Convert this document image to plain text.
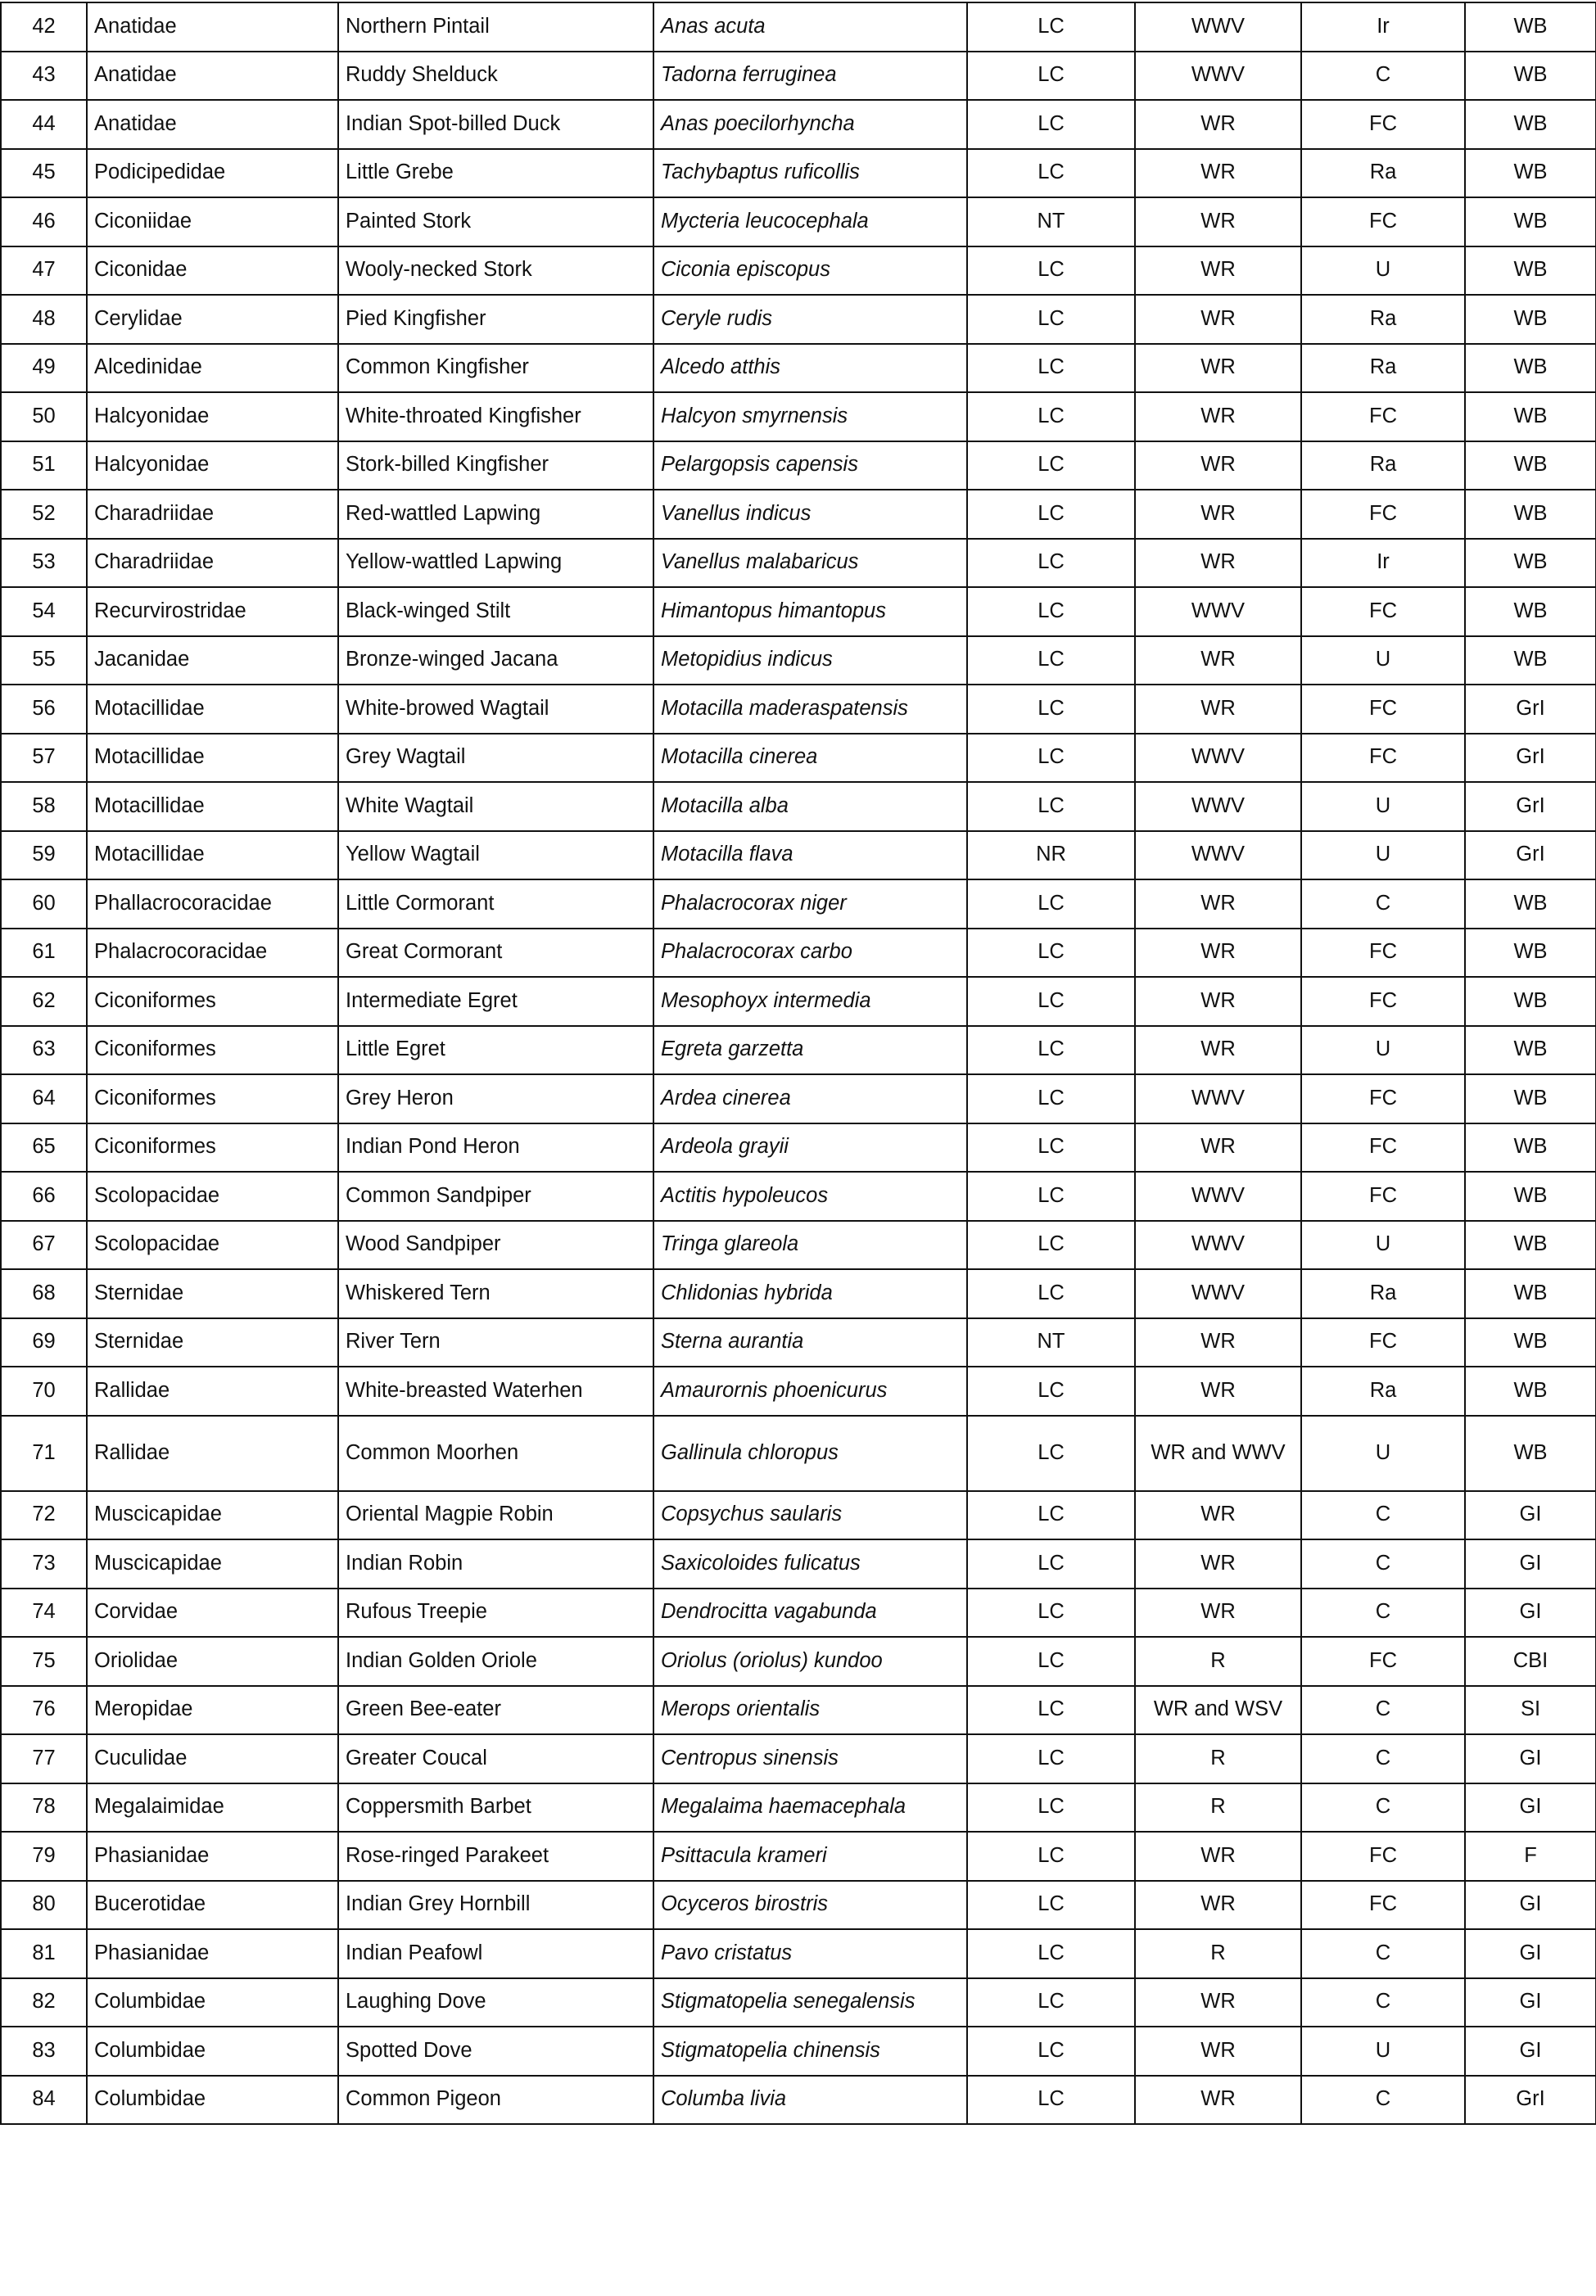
42	Anatidae	Northern Pintail	Anas acuta	LC	WWV	Ir	WB
43	Anatidae	Ruddy Shelduck	Tadorna ferruginea	LC	WWV	C	WB
44	Anatidae	Indian Spot-billed Duck	Anas poecilorhyncha	LC	WR	FC	WB
45	Podicipedidae	Little Grebe	Tachybaptus ruficollis	LC	WR	Ra	WB
46	Ciconiidae	Painted Stork	Mycteria leucocephala	NT	WR	FC	WB
47	Ciconidae	Wooly-necked Stork	Ciconia episcopus	LC	WR	U	WB
48	Cerylidae	Pied Kingfisher	Ceryle rudis	LC	WR	Ra	WB
49	Alcedinidae	Common Kingfisher	Alcedo atthis	LC	WR	Ra	WB
50	Halcyonidae	White-throated Kingfisher	Halcyon smyrnensis	LC	WR	FC	WB
51	Halcyonidae	Stork-billed Kingfisher	Pelargopsis capensis	LC	WR	Ra	WB
52	Charadriidae	Red-wattled Lapwing	Vanellus indicus	LC	WR	FC	WB
53	Charadriidae	Yellow-wattled Lapwing	Vanellus malabaricus	LC	WR	Ir	WB
54	Recurvirostridae	Black-winged Stilt	Himantopus himantopus	LC	WWV	FC	WB
55	Jacanidae	Bronze-winged Jacana	Metopidius indicus	LC	WR	U	WB
56	Motacillidae	White-browed Wagtail	Motacilla maderaspatensis	LC	WR	FC	GrI
57	Motacillidae	Grey Wagtail	Motacilla cinerea	LC	WWV	FC	GrI
58	Motacillidae	White Wagtail	Motacilla alba	LC	WWV	U	GrI
59	Motacillidae	Yellow Wagtail	Motacilla flava	NR	WWV	U	GrI
60	Phallacrocoracidae	Little Cormorant	Phalacrocorax niger	LC	WR	C	WB
61	Phalacrocoracidae	Great Cormorant	Phalacrocorax carbo	LC	WR	FC	WB
62	Ciconiformes	Intermediate Egret	Mesophoyx intermedia	LC	WR	FC	WB
63	Ciconiformes	Little Egret	Egreta garzetta	LC	WR	U	WB
64	Ciconiformes	Grey Heron	Ardea cinerea	LC	WWV	FC	WB
65	Ciconiformes	Indian Pond Heron	Ardeola grayii	LC	WR	FC	WB
66	Scolopacidae	Common Sandpiper	Actitis hypoleucos	LC	WWV	FC	WB
67	Scolopacidae	Wood Sandpiper	Tringa glareola	LC	WWV	U	WB
68	Sternidae	Whiskered Tern	Chlidonias hybrida	LC	WWV	Ra	WB
69	Sternidae	River Tern	Sterna aurantia	NT	WR	FC	WB
70	Rallidae	White-breasted Waterhen	Amaurornis phoenicurus	LC	WR	Ra	WB
71	Rallidae	Common Moorhen	Gallinula chloropus	LC	WR and WWV	U	WB
72	Muscicapidae	Oriental Magpie Robin	Copsychus saularis	LC	WR	C	GI
73	Muscicapidae	Indian Robin	Saxicoloides fulicatus	LC	WR	C	GI
74	Corvidae	Rufous Treepie	Dendrocitta vagabunda	LC	WR	C	GI
75	Oriolidae	Indian Golden Oriole	Oriolus (oriolus) kundoo	LC	R	FC	CBI
76	Meropidae	Green Bee-eater	Merops orientalis	LC	WR and WSV	C	SI
77	Cuculidae	Greater Coucal	Centropus sinensis	LC	R	C	GI
78	Megalaimidae	Coppersmith Barbet	Megalaima haemacephala	LC	R	C	GI
79	Phasianidae	Rose-ringed Parakeet	Psittacula krameri	LC	WR	FC	F
80	Bucerotidae	Indian Grey Hornbill	Ocyceros birostris	LC	WR	FC	GI
81	Phasianidae	Indian Peafowl	Pavo cristatus	LC	R	C	GI
82	Columbidae	Laughing Dove	Stigmatopelia senegalensis	LC	WR	C	GI
83	Columbidae	Spotted Dove	Stigmatopelia chinensis	LC	WR	U	GI
84	Columbidae	Common Pigeon	Columba livia	LC	WR	C	GrI
